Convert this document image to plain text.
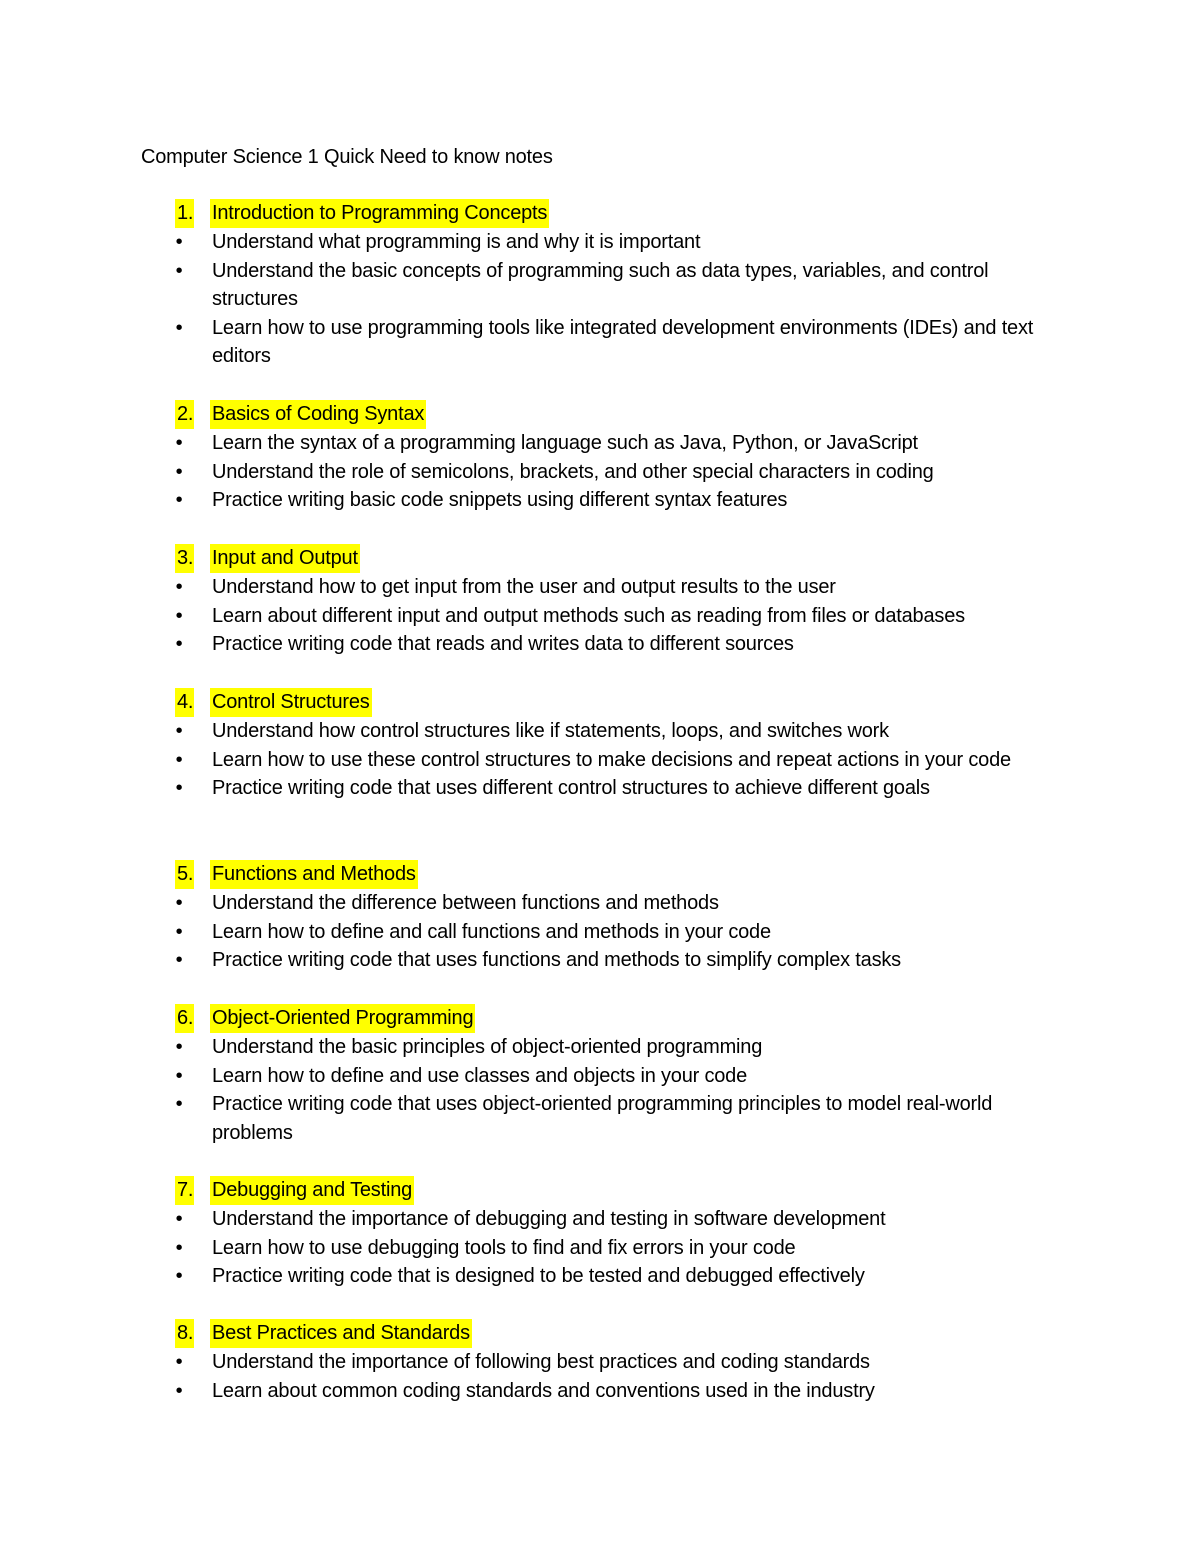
Computer Science 1 Quick Need to know notes
1. Introduction to Programming Concepts
• Understand what programming is and why it is important
• Understand the basic concepts of programming such as data types, variables, and control structures
• Learn how to use programming tools like integrated development environments (IDEs) and text editors
2. Basics of Coding Syntax
• Learn the syntax of a programming language such as Java, Python, or JavaScript
• Understand the role of semicolons, brackets, and other special characters in coding
• Practice writing basic code snippets using different syntax features
3. Input and Output
• Understand how to get input from the user and output results to the user
• Learn about different input and output methods such as reading from files or databases
• Practice writing code that reads and writes data to different sources
4. Control Structures
• Understand how control structures like if statements, loops, and switches work
• Learn how to use these control structures to make decisions and repeat actions in your code
• Practice writing code that uses different control structures to achieve different goals
5. Functions and Methods
• Understand the difference between functions and methods
• Learn how to define and call functions and methods in your code
• Practice writing code that uses functions and methods to simplify complex tasks
6. Object-Oriented Programming
• Understand the basic principles of object-oriented programming
• Learn how to define and use classes and objects in your code
• Practice writing code that uses object-oriented programming principles to model real-world problems
7. Debugging and Testing
• Understand the importance of debugging and testing in software development
• Learn how to use debugging tools to find and fix errors in your code
• Practice writing code that is designed to be tested and debugged effectively
8. Best Practices and Standards
• Understand the importance of following best practices and coding standards
• Learn about common coding standards and conventions used in the industry
